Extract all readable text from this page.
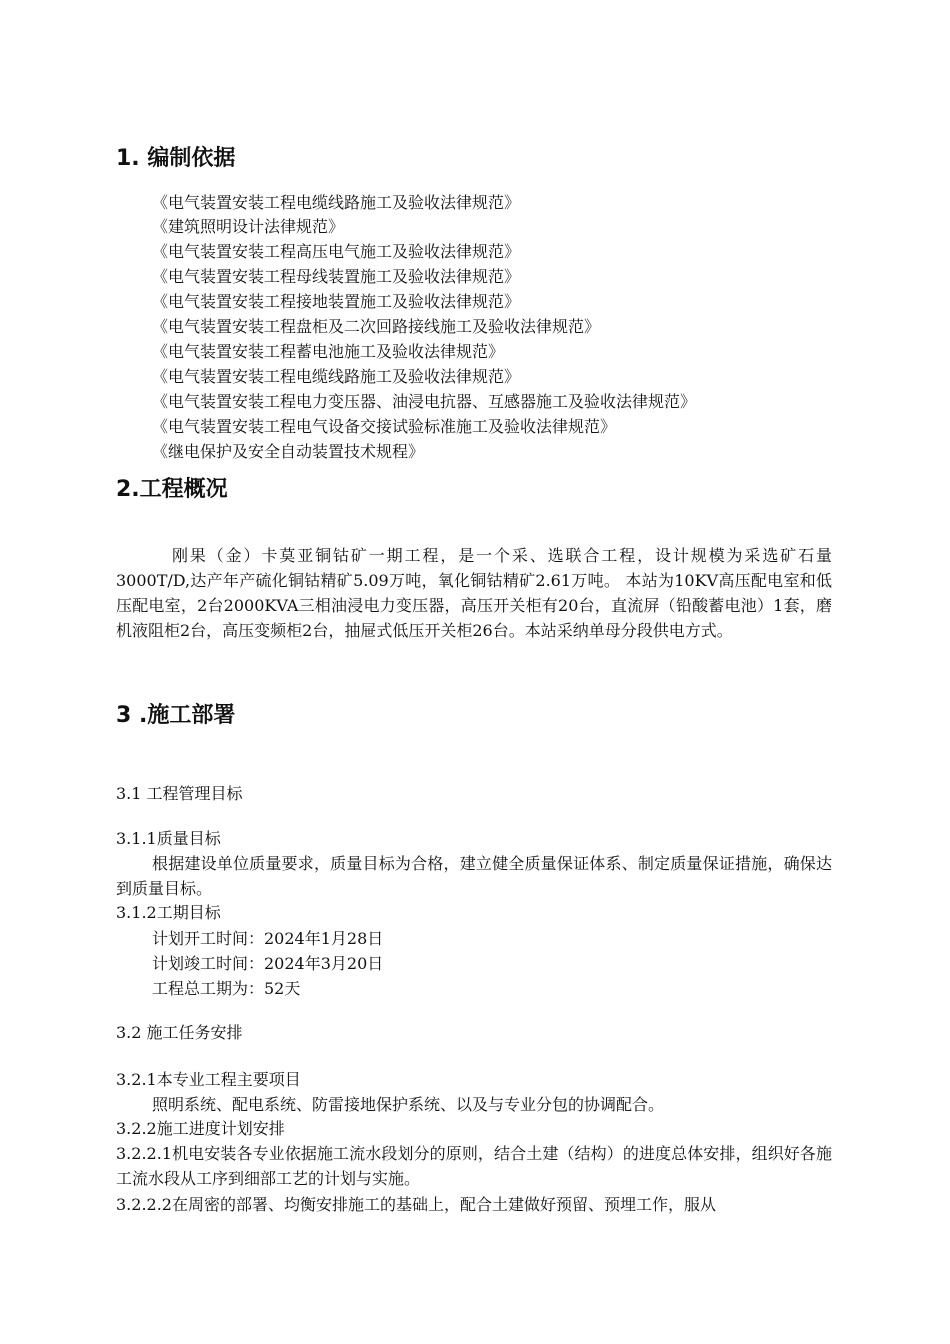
1. 编制依据
《电气装置安装工程电缆线路施工及验收法律规范》
《建筑照明设计法律规范》
《电气装置安装工程高压电气施工及验收法律规范》
《电气装置安装工程母线装置施工及验收法律规范》
《电气装置安装工程接地装置施工及验收法律规范》
《电气装置安装工程盘柜及二次回路接线施工及验收法律规范》
《电气装置安装工程蓄电池施工及验收法律规范》
《电气装置安装工程电缆线路施工及验收法律规范》
《电气装置安装工程电力变压器、油浸电抗器、互感器施工及验收法律规范》
《电气装置安装工程电气设备交接试验标准施工及验收法律规范》
《继电保护及安全自动装置技术规程》
2.工程概况

刚果（金）卡莫亚铜钴矿一期工程，是一个采、选联合工程，设计规模为采选矿石量3000T/D,达产年产硫化铜钴精矿5.09万吨，氧化铜钴精矿2.61万吨。 本站为10KV高压配电室和低压配电室，2台2000KVA三相油浸电力变压器，高压开关柜有20台，直流屏（铅酸蓄电池）1套，磨机液阻柜2台，高压变频柜2台，抽屉式低压开关柜26台。本站采纳单母分段供电方式。

3 .施工部署
3.1 工程管理目标
3.1.1质量目标

根据建设单位质量要求，质量目标为合格，建立健全质量保证体系、制定质量保证措施，确保达到质量目标。

3.1.2工期目标
计划开工时间：2024年1月28日
计划竣工时间：2024年3月20日
工程总工期为：52天
3.2 施工任务安排
3.2.1本专业工程主要项目
照明系统、配电系统、防雷接地保护系统、以及与专业分包的协调配合。
3.2.2施工进度计划安排

3.2.2.1机电安装各专业依据施工流水段划分的原则，结合土建（结构）的进度总体安排，组织好各施工流水段从工序到细部工艺的计划与实施。

3.2.2.2在周密的部署、均衡安排施工的基础上，配合土建做好预留、预埋工作，服从
